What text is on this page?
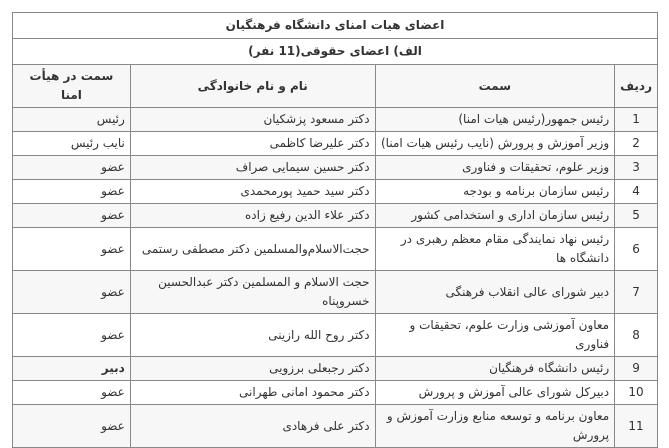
اعضای هیات امنای دانشگاه فرهنگیان			
الف) اعضای حقوقی(11 نفر)			
ردیف	سمت	نام و نام خانوادگی	سمت در هیأت امنا
1	رئیس جمهور(رئیس هیات امنا)	دکتر مسعود پزشکیان	رئیس
2	وزیر آموزش و پرورش (نایب رئیس هیات امنا)	دکتر علیرضا کاظمی	نایب رئیس
3	وزیر علوم، تحقیقات و فناوری	دکتر حسین سیمایی صراف	عضو
4	رئیس سازمان برنامه و بودجه	دکتر سید حمید پورمحمدی	عضو
5	رئیس سازمان اداری و استخدامی کشور	دکتر علاء الدین رفیع زاده	عضو
6	رئیس نهاد نمایندگی مقام معظم رهبری در دانشگاه ها	حجت‌الاسلام‌والمسلمین دکتر مصطفی رستمی	عضو
7	دبیر شورای عالی انقلاب فرهنگی	حجت الاسلام و المسلمین دکتر عبدالحسین خسروپناه	عضو
8	معاون آموزشی وزارت علوم، تحقیقات و فناوری	دکتر روح الله رازینی	عضو
9	رئیس دانشگاه فرهنگیان	دکتر رجبعلی برزویی	دبیر
10	دبیرکل شورای عالی آموزش و پرورش	دکتر محمود امانی طهرانی	عضو
11	معاون برنامه و توسعه منابع وزارت آموزش و پرورش	دکتر علی فرهادی	عضو
